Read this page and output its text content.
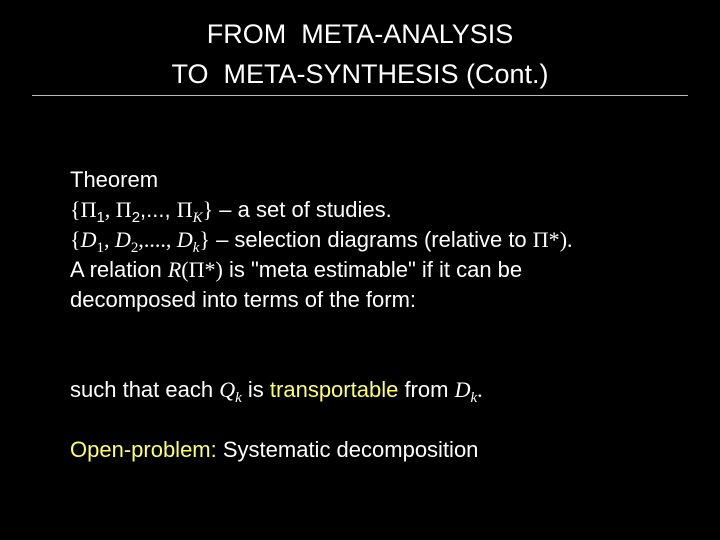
FROM  META-ANALYSIS
TO  META-SYNTHESIS (Cont.)
Theorem
{$\Pi_1$, $\Pi_2$,..., $\Pi_K$} – a set of studies.
{$D_1$, $D_2$,...., $D_k$} – selection diagrams (relative to Π*).
A relation R(Π*) is "meta estimable" if it can be
decomposed into terms of the form:
such that each $Q_k$ is transportable from $D_k$.
Open-problem: Systematic decomposition
